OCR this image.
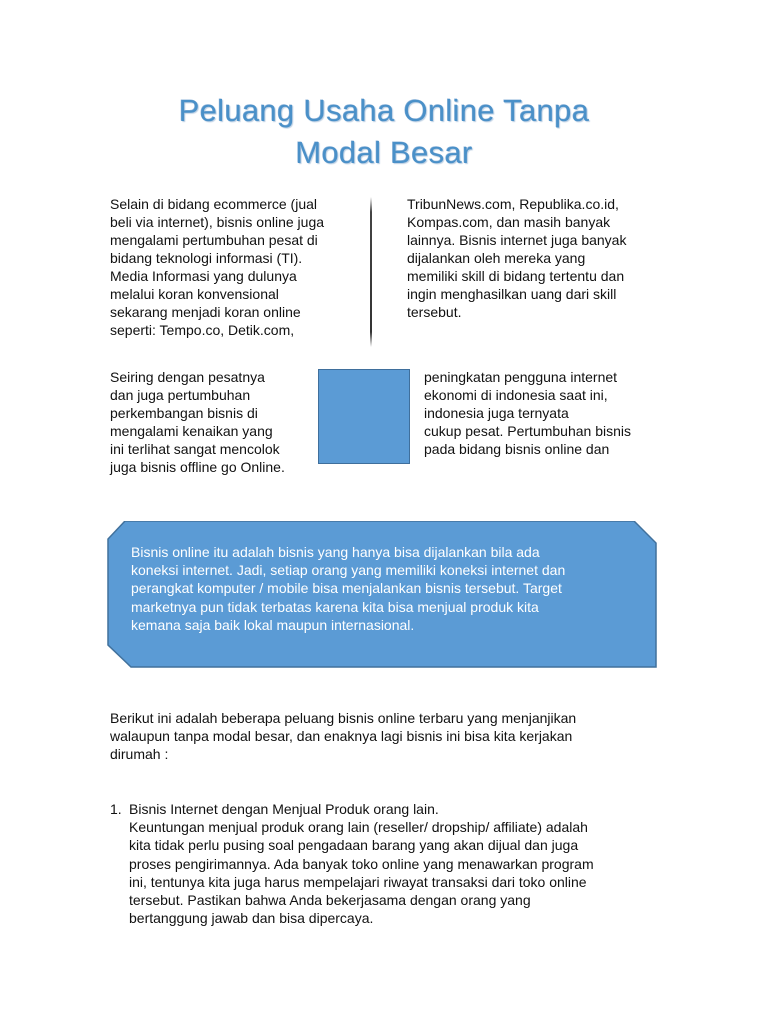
Peluang Usaha Online Tanpa
Modal Besar
Selain di bidang ecommerce (jual
beli via internet), bisnis online juga
mengalami pertumbuhan pesat di
bidang teknologi informasi (TI).
Media Informasi yang dulunya
melalui koran konvensional
sekarang menjadi koran online
seperti: Tempo.co, Detik.com,
TribunNews.com, Republika.co.id,
Kompas.com, dan masih banyak
lainnya. Bisnis internet juga banyak
dijalankan oleh mereka yang
memiliki skill di bidang tertentu dan
ingin menghasilkan uang dari skill
tersebut.
Seiring dengan pesatnya
dan juga pertumbuhan
perkembangan bisnis di
mengalami kenaikan yang
ini terlihat sangat mencolok
juga bisnis offline go Online.
peningkatan pengguna internet
ekonomi di indonesia saat ini,
indonesia juga ternyata
cukup pesat. Pertumbuhan bisnis
pada bidang bisnis online dan
Bisnis online itu adalah bisnis yang hanya bisa dijalankan bila ada
koneksi internet. Jadi, setiap orang yang memiliki koneksi internet dan
perangkat komputer / mobile bisa menjalankan bisnis tersebut. Target
marketnya pun tidak terbatas karena kita bisa menjual produk kita
kemana saja baik lokal maupun internasional.
Berikut ini adalah beberapa peluang bisnis online terbaru yang menjanjikan
walaupun tanpa modal besar, dan enaknya lagi bisnis ini bisa kita kerjakan
dirumah :
1. Bisnis Internet dengan Menjual Produk orang lain.
Keuntungan menjual produk orang lain (reseller/ dropship/ affiliate) adalah
kita tidak perlu pusing soal pengadaan barang yang akan dijual dan juga
proses pengirimannya. Ada banyak toko online yang menawarkan program
ini, tentunya kita juga harus mempelajari riwayat transaksi dari toko online
tersebut. Pastikan bahwa Anda bekerjasama dengan orang yang
bertanggung jawab dan bisa dipercaya.
